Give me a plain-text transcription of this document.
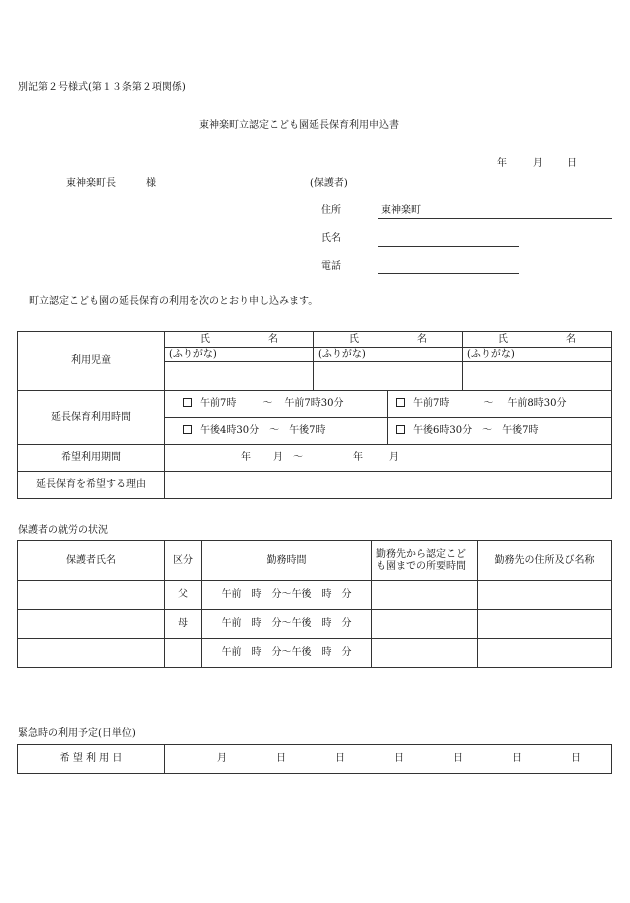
別記第２号様式(第１３条第２項関係)
東神楽町立認定こども園延長保育利用申込書
年	月 日
東神楽町長	様	(保護者)
住所	東神楽町
氏名
電話
町立認定こども園の延長保育の利用を次のとおり申し込みます。
利用児童	氏 名	氏 名		氏 名
	(ふりがな)	(ふりがな)		(ふりがな)

延長保育利用時間	午前7時 〜 午前7時30分		午前7時 〜 午前8時30分	
	午後4時30分 〜 午後7時		午後6時30分 〜 午後7時	
希望利用期間	年 月 〜 年 月			
延長保育を希望する理由				
保護者の就労の状況
保護者氏名	区分	勤務時間	勤務先から認定こども園までの所要時間	勤務先の住所及び名称
	父	午前　時　分〜午後　時　分		
	母	午前　時　分〜午後　時　分		
		午前　時　分〜午後　時　分		
緊急時の利用予定(日単位)
希 望 利 用 日	月	日	日	日	日	日	日
